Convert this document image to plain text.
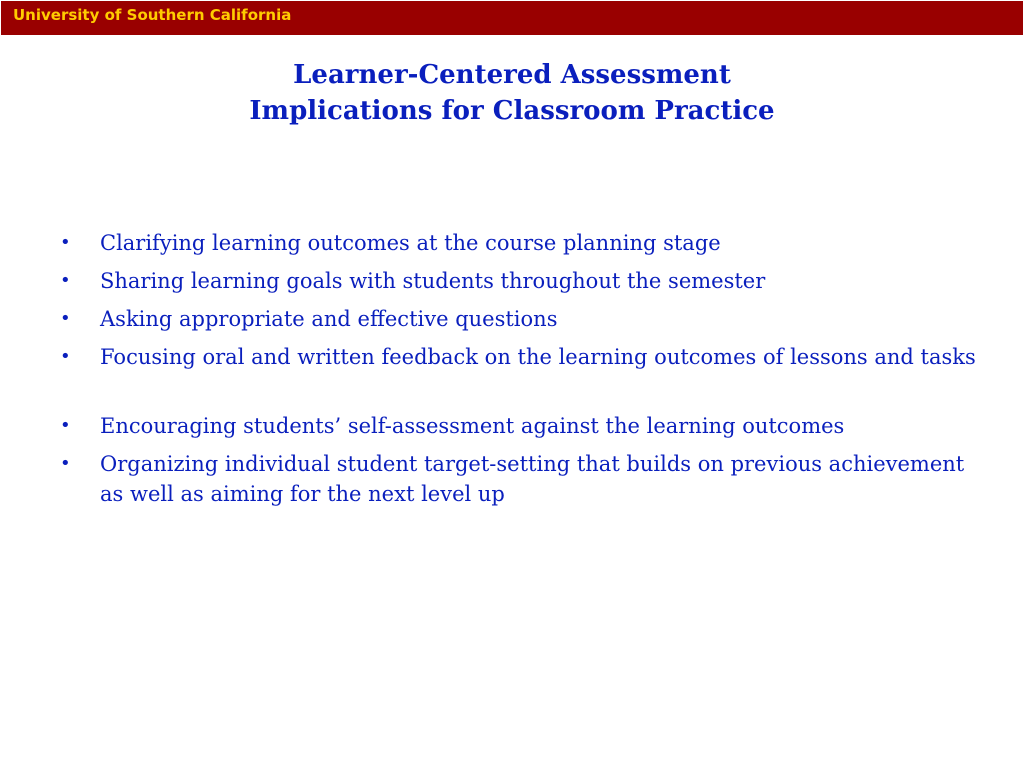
University of Southern California
Learner-Centered Assessment
Implications for Classroom Practice
• Clarifying learning outcomes at the course planning stage
• Sharing learning goals with students throughout the semester
• Asking appropriate and effective questions
• Focusing oral and written feedback on the learning outcomes of lessons and tasks
• Encouraging students’ self-assessment against the learning outcomes
• Organizing individual student target-setting that builds on previous achievement as well as aiming for the next level up
